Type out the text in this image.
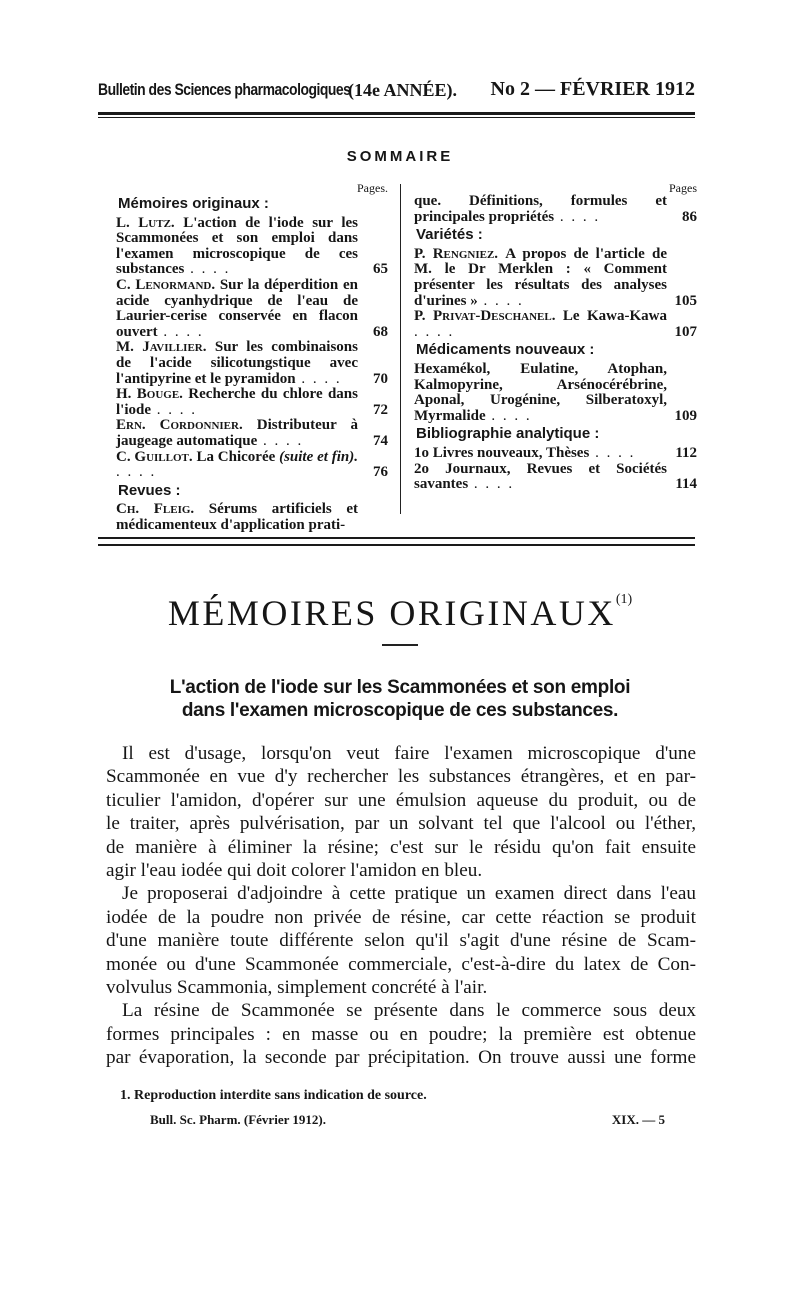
Bulletin des Sciences pharmacologiques
(14e ANNÉE). No 2 — FÉVRIER 1912
SOMMAIRE
Pages.
Mémoires originaux :
L. Lutz. L'action de l'iode sur les Scammonées et son emploi dans l'examen microscopique de ces substances . . . .	65
C. Lenormand. Sur la déperdition en acide cyanhydrique de l'eau de Laurier-cerise conservée en flacon ouvert . . . .	68
M. Javillier. Sur les combinaisons de l'acide silicotungstique avec l'antipyrine et le pyramidon . . . .	70
H. Bouge. Recherche du chlore dans l'iode . . . .	72
Ern. Cordonnier. Distributeur à jaugeage automatique . . . .	74
C. Guillot. La Chicorée (suite et fin). . . . .	76
Revues :
Ch. Fleig. Sérums artificiels et médicamenteux d'application prati-
Pages
que. Définitions, formules et principales propriétés . . . .	86
Variétés :
P. Rengniez. A propos de l'article de M. le Dr Merklen : « Comment présenter les résultats des analyses d'urines » . . . .	105
P. Privat-Deschanel. Le Kawa-Kawa . . . .	107
Médicaments nouveaux :
Hexamékol, Eulatine, Atophan, Kalmopyrine, Arsénocérébrine, Aponal, Urogénine, Silberatoxyl, Myrmalide . . . .	109
Bibliographie analytique :
1o Livres nouveaux, Thèses . . . .	112
2o Journaux, Revues et Sociétés savantes . . . .	114
MÉMOIRES ORIGINAUX$^{(1)}$
L'action de l'iode sur les Scammonées et son emploi
dans l'examen microscopique de ces substances.
Il est d'usage, lorsqu'on veut faire l'examen microscopique d'une
Scammonée en vue d'y rechercher les substances étrangères, et en par-
ticulier l'amidon, d'opérer sur une émulsion aqueuse du produit, ou de
le traiter, après pulvérisation, par un solvant tel que l'alcool ou l'éther,
de manière à éliminer la résine; c'est sur le résidu qu'on fait ensuite
agir l'eau iodée qui doit colorer l'amidon en bleu.
Je proposerai d'adjoindre à cette pratique un examen direct dans l'eau
iodée de la poudre non privée de résine, car cette réaction se produit
d'une manière toute différente selon qu'il s'agit d'une résine de Scam-
monée ou d'une Scammonée commerciale, c'est-à-dire du latex de Con-
volvulus Scammonia, simplement concrété à l'air.
La résine de Scammonée se présente dans le commerce sous deux
formes principales : en masse ou en poudre; la première est obtenue
par évaporation, la seconde par précipitation. On trouve aussi une forme
1. Reproduction interdite sans indication de source.
Bull. Sc. Pharm. (Février 1912).	XIX. — 5
